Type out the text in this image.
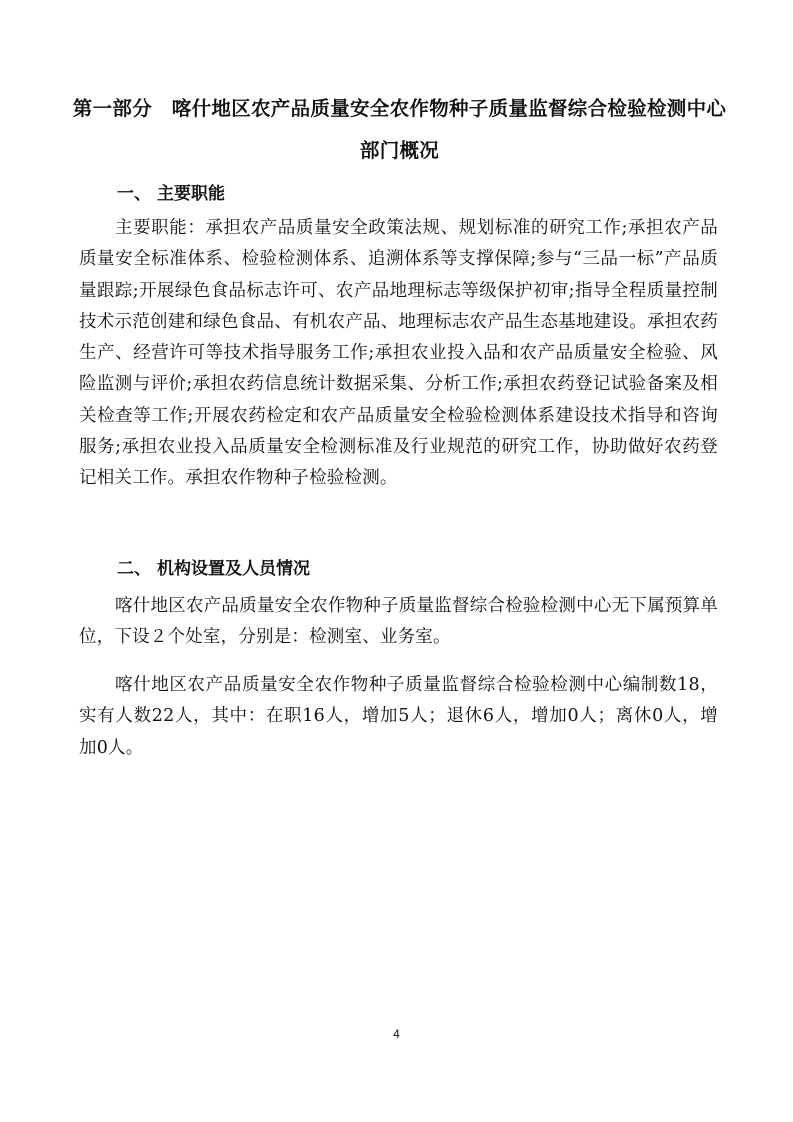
第一部分　喀什地区农产品质量安全农作物种子质量监督综合检验检测中心部门概况
一、 主要职能

主要职能：承担农产品质量安全政策法规、规划标准的研究工作;承担农产品质量安全标准体系、检验检测体系、追溯体系等支撑保障;参与“三品一标”产品质量跟踪;开展绿色食品标志许可、农产品地理标志等级保护初审;指导全程质量控制技术示范创建和绿色食品、有机农产品、地理标志农产品生态基地建设。承担农药生产、经营许可等技术指导服务工作;承担农业投入品和农产品质量安全检验、风险监测与评价;承担农药信息统计数据采集、分析工作;承担农药登记试验备案及相关检查等工作;开展农药检定和农产品质量安全检验检测体系建设技术指导和咨询服务;承担农业投入品质量安全检测标准及行业规范的研究工作，协助做好农药登记相关工作。承担农作物种子检验检测。

二、 机构设置及人员情况

喀什地区农产品质量安全农作物种子质量监督综合检验检测中心无下属预算单位，下设２个处室，分别是：检测室、业务室。

喀什地区农产品质量安全农作物种子质量监督综合检验检测中心编制数18，实有人数22人，其中：在职16人，增加5人；退休6人，增加0人；离休0人，增加0人。

4
